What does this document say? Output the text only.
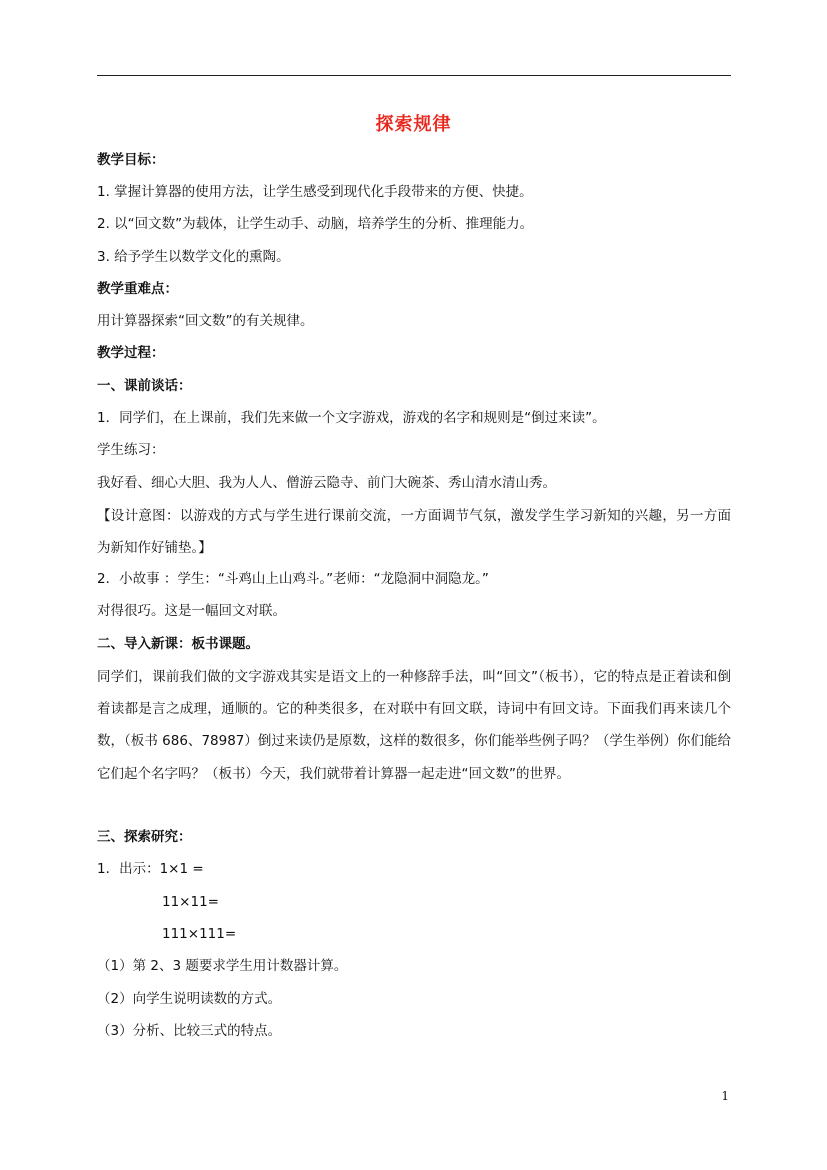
探索规律
教学目标：
1. 掌握计算器的使用方法，让学生感受到现代化手段带来的方便、快捷。
2. 以“回文数”为载体，让学生动手、动脑，培养学生的分析、推理能力。
3. 给予学生以数学文化的熏陶。
教学重难点：
用计算器探索“回文数”的有关规律。
教学过程：
一、课前谈话：
1．同学们，在上课前，我们先来做一个文字游戏，游戏的名字和规则是“倒过来读”。
学生练习：
我好看、细心大胆、我为人人、僧游云隐寺、前门大碗茶、秀山清水清山秀。
【设计意图：以游戏的方式与学生进行课前交流，一方面调节气氛，激发学生学习新知的兴趣，另一方面为新知作好铺垫。】
2．小故事 ：学生：“斗鸡山上山鸡斗。”老师：“龙隐洞中洞隐龙。”
对得很巧。这是一幅回文对联。
二、导入新课：板书课题。
同学们，课前我们做的文字游戏其实是语文上的一种修辞手法，叫“回文”（板书），它的特点是正着读和倒着读都是言之成理，通顺的。它的种类很多，在对联中有回文联，诗词中有回文诗。下面我们再来读几个数，（板书 686、78987）倒过来读仍是原数，这样的数很多，你们能举些例子吗？（学生举例）你们能给它们起个名字吗？（板书）今天，我们就带着计算器一起走进“回文数”的世界。
三、探索研究：
1．出示：1×1 =
11×11=
111×111=
（1）第 2、3 题要求学生用计数器计算。
（2）向学生说明读数的方式。
（3）分析、比较三式的特点。
1
